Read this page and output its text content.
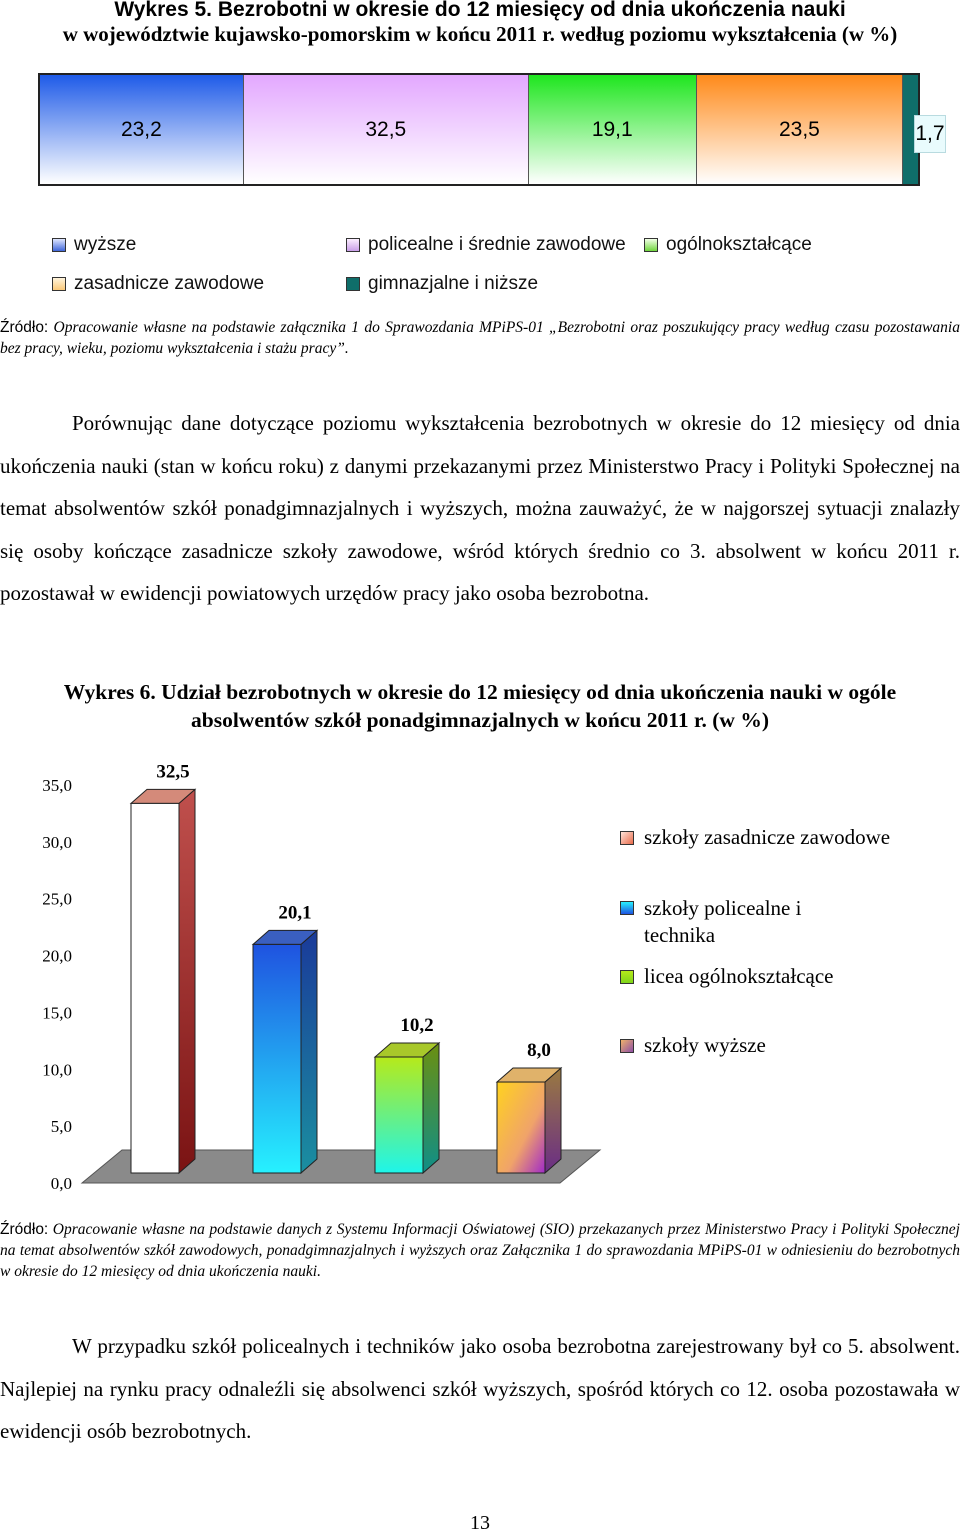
Wykres 5. Bezrobotni w okresie do 12 miesięcy od dnia ukończenia nauki
w województwie kujawsko-pomorskim w końcu 2011 r. według poziomu wykształcenia (w %)
23,2	32,5	19,1	23,5	1,7
wyższe	policealne i średnie zawodowe ogólnokształcące
zasadnicze zawodowe	gimnazjalne i niższe
Źródło: Opracowanie własne na podstawie załącznika 1 do Sprawozdania MPiPS-01 „Bezrobotni oraz poszukujący pracy według czasu pozostawania bez pracy, wieku, poziomu wykształcenia i stażu pracy”.

Porównując dane dotyczące poziomu wykształcenia bezrobotnych w okresie do 12 miesięcy od dnia ukończenia nauki (stan w końcu roku) z danymi przekazanymi przez Ministerstwo Pracy i Polityki Społecznej na temat absolwentów szkół ponadgimnazjalnych i wyższych, można zauważyć, że w najgorszej sytuacji znalazły się osoby kończące zasadnicze szkoły zawodowe, wśród których średnio co 3. absolwent w końcu 2011 r. pozostawał w ewidencji powiatowych urzędów pracy jako osoba bezrobotna.

Wykres 6. Udział bezrobotnych w okresie do 12 miesięcy od dnia ukończenia nauki w ogóle
absolwentów szkół ponadgimnazjalnych w końcu 2011 r. (w %)
0,0
5,0
10,0
15,0
20,0
25,0
30,0
35,0
32,5
20,1
10,2
8,0
szkoły zasadnicze zawodowe
szkoły policealne i technika
licea ogólnokształcące
szkoły wyższe
Źródło: Opracowanie własne na podstawie danych z Systemu Informacji Oświatowej (SIO) przekazanych przez Ministerstwo Pracy i Polityki Społecznej na temat absolwentów szkół zawodowych, ponadgimnazjalnych i wyższych oraz Załącznika 1 do sprawozdania MPiPS-01 w odniesieniu do bezrobotnych w okresie do 12 miesięcy od dnia ukończenia nauki.

W przypadku szkół policealnych i techników jako osoba bezrobotna zarejestrowany był co 5. absolwent. Najlepiej na rynku pracy odnaleźli się absolwenci szkół wyższych, spośród których co 12. osoba pozostawała w ewidencji osób bezrobotnych.

13
